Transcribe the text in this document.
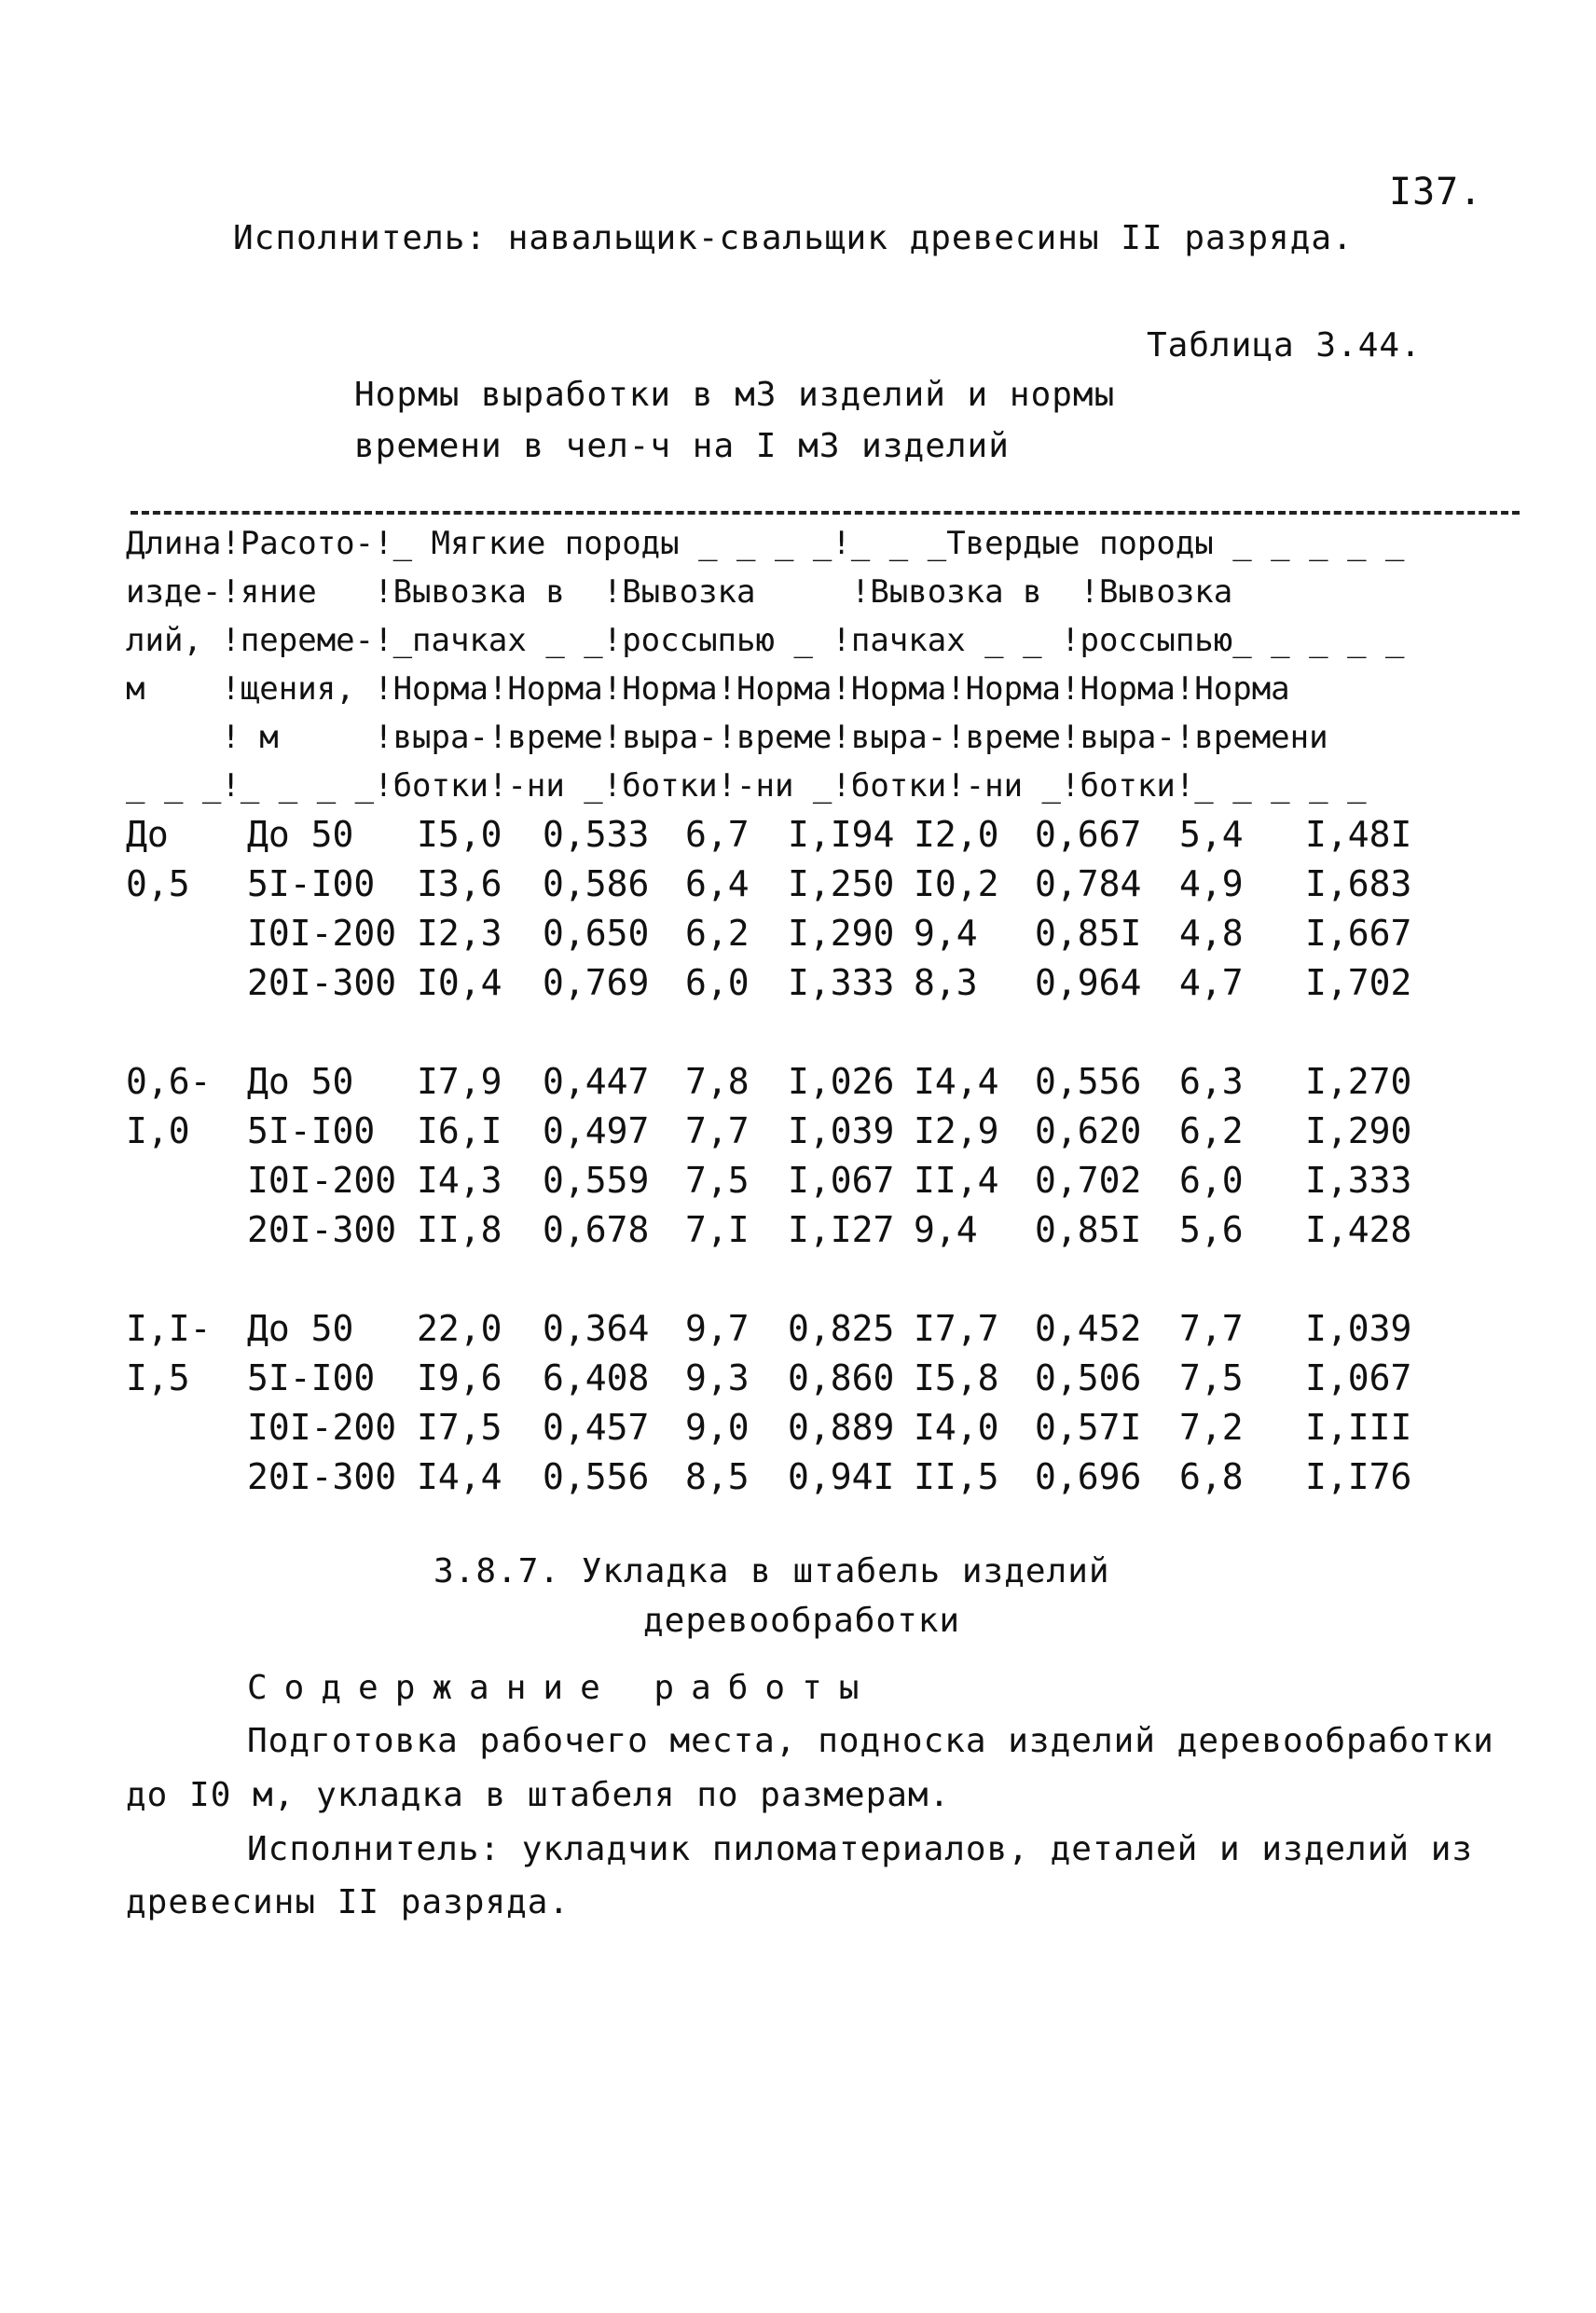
I37.
Исполнитель: навальщик-свальщик древесины II разряда.
Таблица 3.44.
Нормы выработки в м3 изделий и нормы
времени в чел-ч на I м3 изделий
Длина!Расото-!_ Мягкие породы _ _ _ _!_ _ _Твердые породы _ _ _ _ _
изде-!яние   !Вывозка в  !Вывозка     !Вывозка в  !Вывозка
лий, !переме-!_пачках _ _!россыпью _ !пачках _ _ !россыпью_ _ _ _ _
м    !щения, !Норма!Норма!Норма!Норма!Норма!Норма!Норма!Норма
! м     !выра-!време!выра-!време!выра-!време!выра-!времени
_ _ _!_ _ _ _!ботки!-ни _!ботки!-ни _!ботки!-ни _!ботки!_ _ _ _ _
До
0,5
До 50 I5,0 0,533 6,7 I,I94 I2,0 0,667 5,4 I,48I
5I-I00 I3,6 0,586 6,4 I,250 I0,2 0,784 4,9 I,683
I0I-200 I2,3 0,650 6,2 I,290 9,4 0,85I 4,8 I,667
20I-300 I0,4 0,769 6,0 I,333 8,3 0,964 4,7 I,702
0,6-
I,0
До 50 I7,9 0,447 7,8 I,026 I4,4 0,556 6,3 I,270
5I-I00 I6,I 0,497 7,7 I,039 I2,9 0,620 6,2 I,290
I0I-200 I4,3 0,559 7,5 I,067 II,4 0,702 6,0 I,333
20I-300 II,8 0,678 7,I I,I27 9,4 0,85I 5,6 I,428
I,I-
I,5
До 50 22,0 0,364 9,7 0,825 I7,7 0,452 7,7 I,039
5I-I00 I9,6 6,408 9,3 0,860 I5,8 0,506 7,5 I,067
I0I-200 I7,5 0,457 9,0 0,889 I4,0 0,57I 7,2 I,III
20I-300 I4,4 0,556 8,5 0,94I II,5 0,696 6,8 I,I76
3.8.7. Укладка в штабель изделий
деревообработки
Содержание работы
Подготовка рабочего места, подноска изделий деревообработки
до I0 м, укладка в штабеля по размерам.
Исполнитель: укладчик пиломатериалов, деталей и изделий из
древесины II разряда.
